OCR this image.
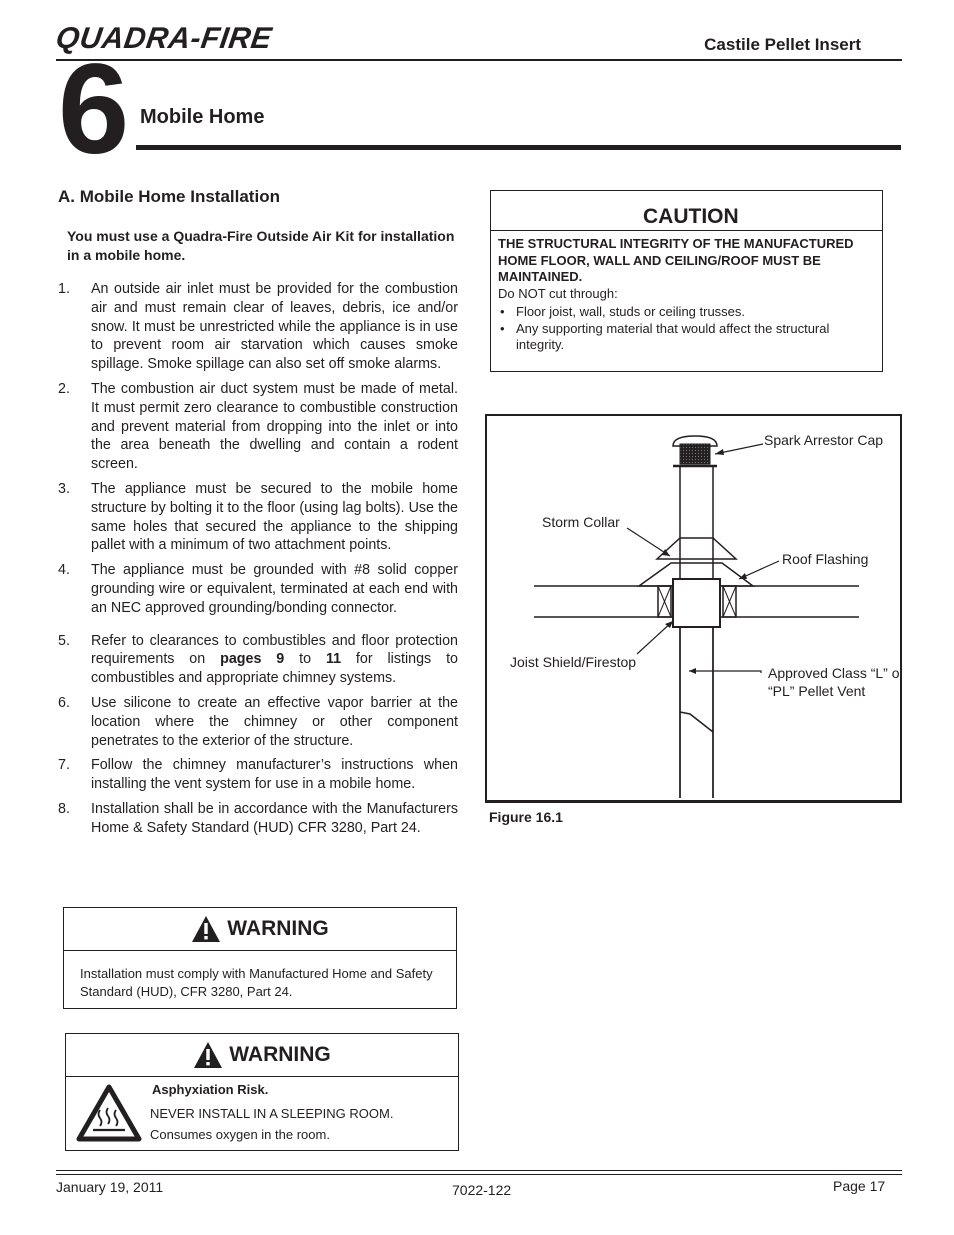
QUADRA-FIRE	Castile Pellet Insert
6 Mobile Home
A. Mobile Home Installation
You must use a Quadra-Fire Outside Air Kit for installation in a mobile home.
1. An outside air inlet must be provided for the combustion air and must remain clear of leaves, debris, ice and/or snow. It must be unrestricted while the appliance is in use to prevent room air starvation which causes smoke spillage. Smoke spillage can also set off smoke alarms.
2. The combustion air duct system must be made of metal. It must permit zero clearance to combustible construction and prevent material from dropping into the inlet or into the area beneath the dwelling and contain a rodent screen.
3. The appliance must be secured to the mobile home structure by bolting it to the floor (using lag bolts). Use the same holes that secured the appliance to the shipping pallet with a minimum of two attachment points.
4. The appliance must be grounded with #8 solid copper grounding wire or equivalent, terminated at each end with an NEC approved grounding/bonding connector.
5. Refer to clearances to combustibles and floor protection requirements on pages 9 to 11 for listings to combustibles and appropriate chimney systems.
6. Use silicone to create an effective vapor barrier at the location where the chimney or other component penetrates to the exterior of the structure.
7. Follow the chimney manufacturer’s instructions when installing the vent system for use in a mobile home.
8. Installation shall be in accordance with the Manufacturers Home & Safety Standard (HUD) CFR 3280, Part 24.
WARNING
Installation must comply with Manufactured Home and Safety Standard (HUD), CFR 3280, Part 24.
WARNING
Asphyxiation Risk.
NEVER INSTALL IN A SLEEPING ROOM.
Consumes oxygen in the room.
CAUTION
THE STRUCTURAL INTEGRITY OF THE MANUFACTURED HOME FLOOR, WALL AND CEILING/ROOF MUST BE MAINTAINED.
Do NOT cut through:
• Floor joist, wall, studs or ceiling trusses.
• Any supporting material that would affect the structural integrity.
Spark Arrestor Cap
Storm Collar
Roof Flashing
Joist Shield/Firestop
Approved Class “L” or
“PL” Pellet Vent
Figure 16.1
January 19, 2011	7022-122	Page 17
